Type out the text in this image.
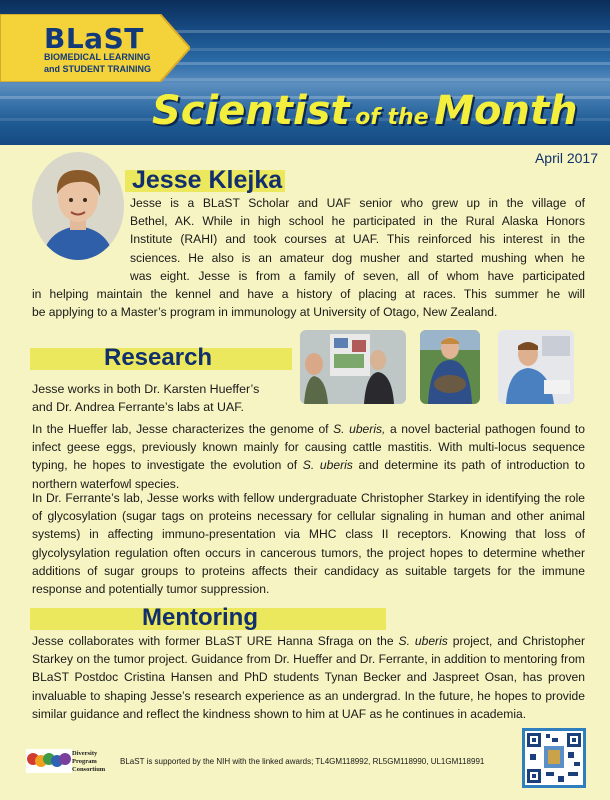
BLaST
BIOMEDICAL LEARNING
and STUDENT TRAINING
Scientist of the Month
April 2017
Jesse Klejka
Jesse is a BLaST Scholar and UAF senior who grew up in the village of
Bethel, AK. While in high school he participated in the Rural Alaska Honors
Institute (RAHI) and took courses at UAF. This reinforced his interest in the
sciences. He also is an amateur dog musher and started mushing when he
was eight. Jesse is from a family of seven, all of whom have participated
in helping maintain the kennel and have a history of placing at races. This summer he will
be applying to a Master’s program in immunology at University of Otago, New Zealand.
Research
Jesse works in both Dr. Karsten Hueffer’s
and Dr. Andrea Ferrante’s labs at UAF.
In the Hueffer lab, Jesse characterizes the genome of S. uberis, a novel bacterial pathogen found to infect geese eggs, previously known mainly for causing cattle mastitis. With multi-locus sequence typing, he hopes to investigate the evolution of S. uberis and determine its path of introduction to northern waterfowl species.
In Dr. Ferrante’s lab, Jesse works with fellow undergraduate Christopher Starkey in identifying the role of glycosylation (sugar tags on proteins necessary for cellular signaling in human and other animal systems) in affecting immuno-presentation via MHC class II receptors. Knowing that loss of glycolysylation regulation often occurs in cancerous tumors, the project hopes to determine whether additions of sugar groups to proteins affects their candidacy as suitable targets for the immune response and potentially tumor suppression.
Mentoring
Jesse collaborates with former BLaST URE Hanna Sfraga on the S. uberis project, and Christopher Starkey on the tumor project. Guidance from Dr. Hueffer and Dr. Ferrante, in addition to mentoring from BLaST Postdoc Cristina Hansen and PhD students Tynan Becker and Jaspreet Osan, has proven invaluable to shaping Jesse’s research experience as an undergrad. In the future, he hopes to provide similar guidance and reflect the kindness shown to him at UAF as he continues in academia.
Diversity
Program
Consortium
BLaST is supported by the NIH with the linked awards; TL4GM118992, RL5GM118990, UL1GM118991
